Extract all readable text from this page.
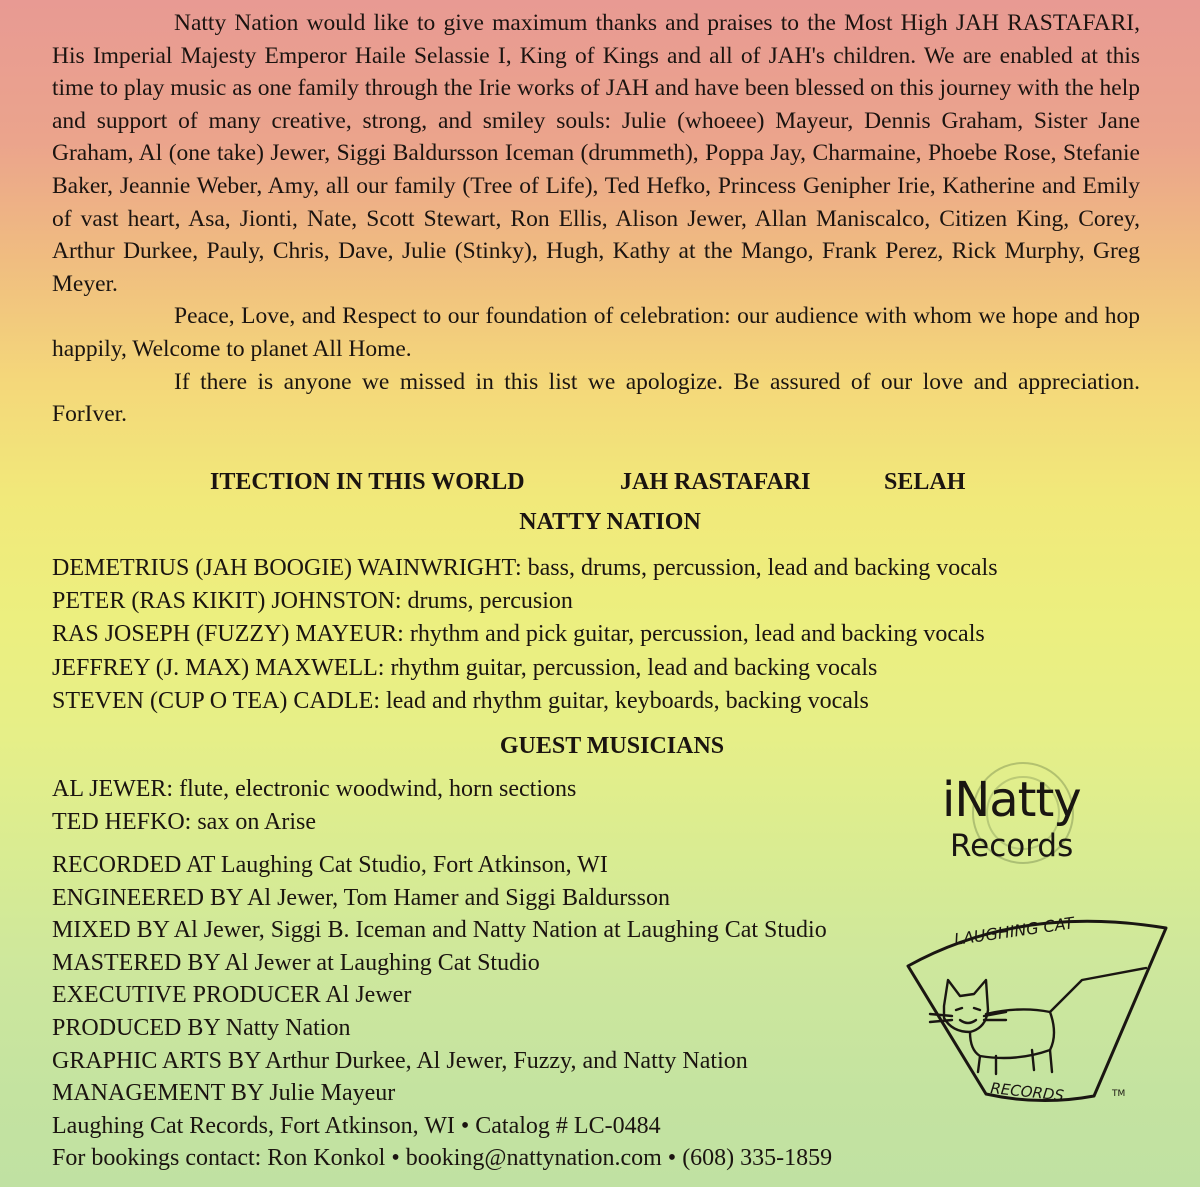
Natty Nation would like to give maximum thanks and praises to the Most High JAH RASTAFARI, His Imperial Majesty Emperor Haile Selassie I, King of Kings and all of JAH's children. We are enabled at this time to play music as one family through the Irie works of JAH and have been blessed on this journey with the help and support of many creative, strong, and smiley souls: Julie (whoeee) Mayeur, Dennis Graham, Sister Jane Graham, Al (one take) Jewer, Siggi Baldursson Iceman (drummeth), Poppa Jay, Charmaine, Phoebe Rose, Stefanie Baker, Jeannie Weber, Amy, all our family (Tree of Life), Ted Hefko, Princess Genipher Irie, Katherine and Emily of vast heart, Asa, Jionti, Nate, Scott Stewart, Ron Ellis, Alison Jewer, Allan Maniscalco, Citizen King, Corey, Arthur Durkee, Pauly, Chris, Dave, Julie (Stinky), Hugh, Kathy at the Mango, Frank Perez, Rick Murphy, Greg Meyer.

Peace, Love, and Respect to our foundation of celebration: our audience with whom we hope and hop happily, Welcome to planet All Home.

If there is anyone we missed in this list we apologize. Be assured of our love and appreciation. ForIver.

ITECTION IN THIS WORLD	JAH RASTAFARI	SELAH
NATTY NATION
DEMETRIUS (JAH BOOGIE) WAINWRIGHT: bass, drums, percussion, lead and backing vocals
PETER (RAS KIKIT) JOHNSTON: drums, percusion
RAS JOSEPH (FUZZY) MAYEUR: rhythm and pick guitar, percussion, lead and backing vocals
JEFFREY (J. MAX) MAXWELL: rhythm guitar, percussion, lead and backing vocals
STEVEN (CUP O TEA) CADLE: lead and rhythm guitar, keyboards, backing vocals
GUEST MUSICIANS
AL JEWER: flute, electronic woodwind, horn sections
TED HEFKO: sax on Arise
RECORDED AT Laughing Cat Studio, Fort Atkinson, WI
ENGINEERED BY Al Jewer, Tom Hamer and Siggi Baldursson
MIXED BY Al Jewer, Siggi B. Iceman and Natty Nation at Laughing Cat Studio
MASTERED BY Al Jewer at Laughing Cat Studio
EXECUTIVE PRODUCER Al Jewer
PRODUCED BY Natty Nation
GRAPHIC ARTS BY Arthur Durkee, Al Jewer, Fuzzy, and Natty Nation
MANAGEMENT BY Julie Mayeur
Laughing Cat Records, Fort Atkinson, WI • Catalog # LC-0484
For bookings contact: Ron Konkol • booking@nattynation.com • (608) 335-1859
iNatty
Records
LAUGHING CAT
RECORDS	TM
